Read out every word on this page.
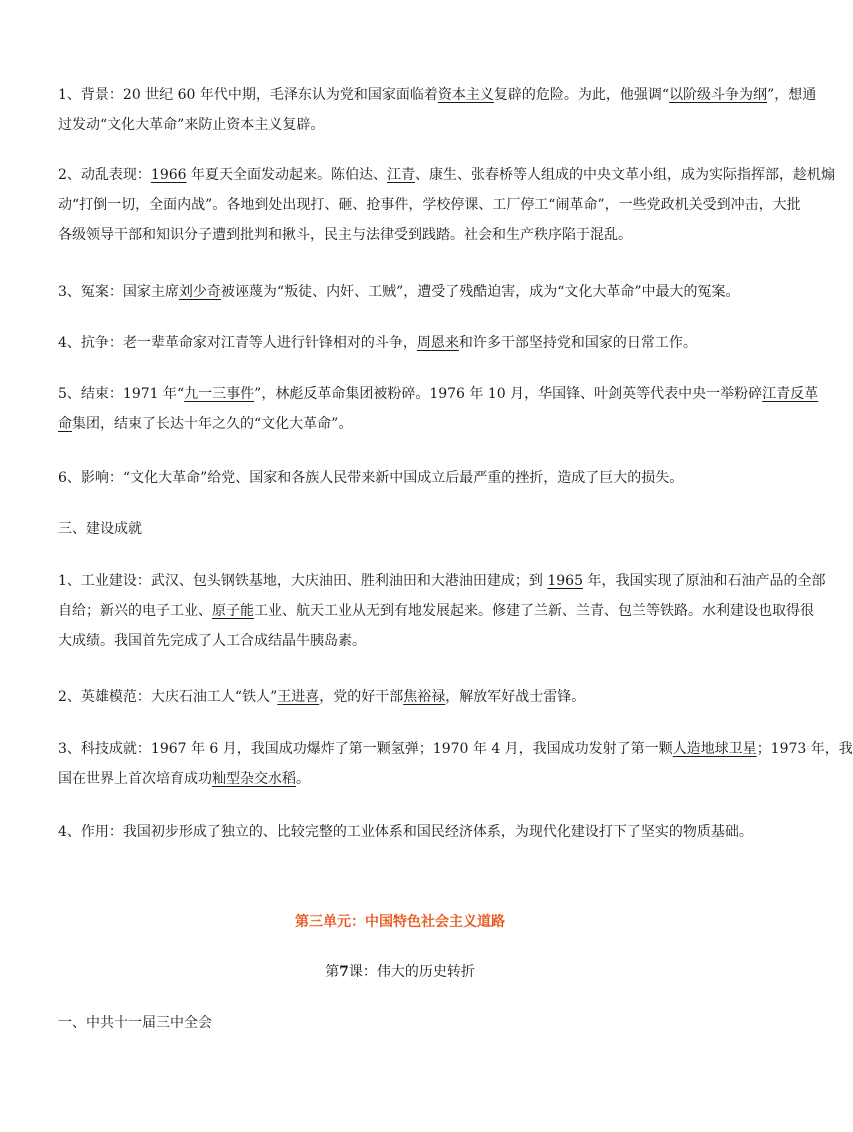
1、背景：20 世纪 60 年代中期，毛泽东认为党和国家面临着资本主义复辟的危险。为此，他强调“以阶级斗争为纲”，想通
过发动“文化大革命”来防止资本主义复辟。

2、动乱表现：1966 年夏天全面发动起来。陈伯达、江青、康生、张春桥等人组成的中央文革小组，成为实际指挥部，趁机煽
动“打倒一切，全面内战”。各地到处出现打、砸、抢事件，学校停课、工厂停工“闹革命”，一些党政机关受到冲击，大批
各级领导干部和知识分子遭到批判和揪斗，民主与法律受到践踏。社会和生产秩序陷于混乱。

3、冤案：国家主席刘少奇被诬蔑为“叛徒、内奸、工贼”，遭受了残酷迫害，成为“文化大革命”中最大的冤案。

4、抗争：老一辈革命家对江青等人进行针锋相对的斗争，周恩来和许多干部坚持党和国家的日常工作。

5、结束：1971 年“九一三事件”，林彪反革命集团被粉碎。1976 年 10 月，华国锋、叶剑英等代表中央一举粉碎江青反革
命集团，结束了长达十年之久的“文化大革命”。

6、影响：“文化大革命”给党、国家和各族人民带来新中国成立后最严重的挫折，造成了巨大的损失。

三、建设成就

1、工业建设：武汉、包头钢铁基地，大庆油田、胜利油田和大港油田建成；到 1965 年，我国实现了原油和石油产品的全部
自给；新兴的电子工业、原子能工业、航天工业从无到有地发展起来。修建了兰新、兰青、包兰等铁路。水利建设也取得很
大成绩。我国首先完成了人工合成结晶牛胰岛素。

2、英雄模范：大庆石油工人“铁人”王进喜，党的好干部焦裕禄，解放军好战士雷锋。

3、科技成就：1967 年 6 月，我国成功爆炸了第一颗氢弹；1970 年 4 月，我国成功发射了第一颗人造地球卫星；1973 年，我
国在世界上首次培育成功籼型杂交水稻。

4、作用：我国初步形成了独立的、比较完整的工业体系和国民经济体系，为现代化建设打下了坚实的物质基础。

第三单元：中国特色社会主义道路

第7课：伟大的历史转折

一、中共十一届三中全会
